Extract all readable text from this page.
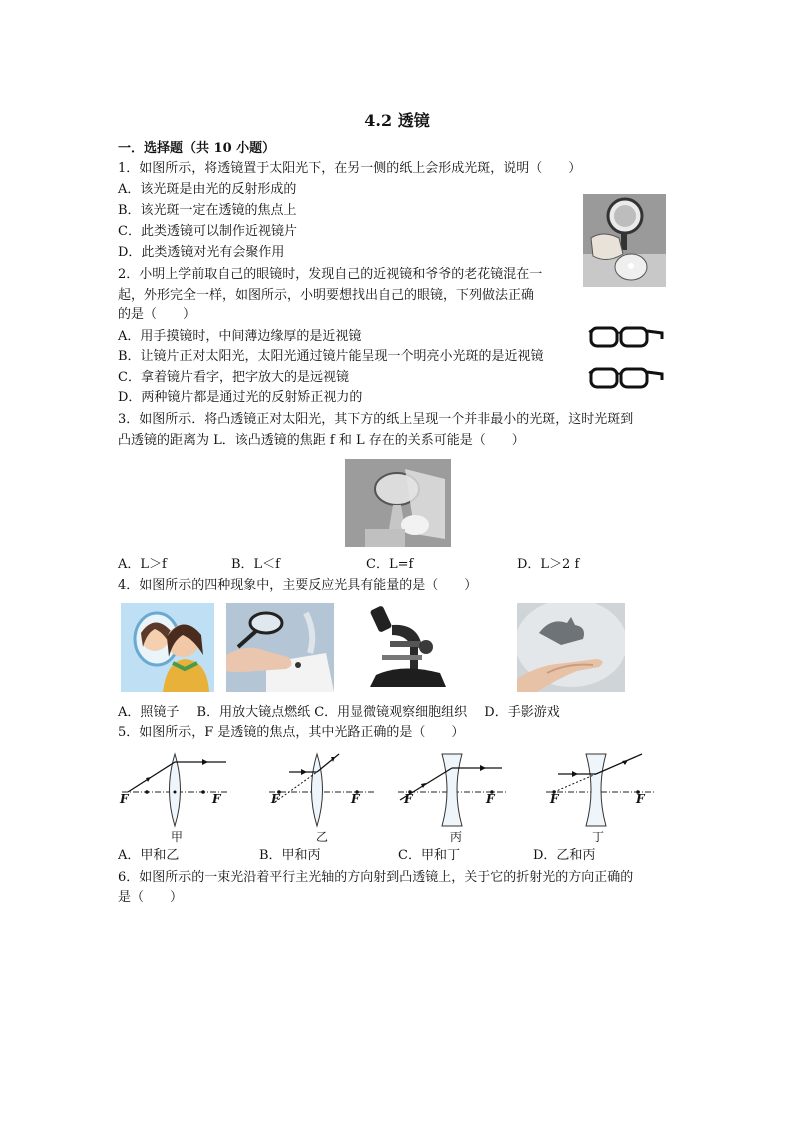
4.2 透镜
一．选择题（共 10 小题）
1．如图所示，将透镜置于太阳光下，在另一侧的纸上会形成光斑，说明（　　）
A．该光斑是由光的反射形成的
B．该光斑一定在透镜的焦点上
C．此类透镜可以制作近视镜片
D．此类透镜对光有会聚作用
2．小明上学前取自己的眼镜时，发现自己的近视镜和爷爷的老花镜混在一
起，外形完全一样，如图所示，小明要想找出自己的眼镜，下列做法正确
的是（　　）
A．用手摸镜时，中间薄边缘厚的是近视镜
B．让镜片正对太阳光，太阳光通过镜片能呈现一个明亮小光斑的是近视镜
C．拿着镜片看字，把字放大的是远视镜
D．两种镜片都是通过光的反射矫正视力的
3．如图所示．将凸透镜正对太阳光，其下方的纸上呈现一个并非最小的光斑，这时光斑到
凸透镜的距离为 L．该凸透镜的焦距 f 和 L 存在的关系可能是（　　）
A．L＞f	B．L＜f	C．L=f	D．L＞2 f
4．如图所示的四种现象中，主要反应光具有能量的是（　　）
A．照镜子　 B．用放大镜点燃纸 C．用显微镜观察细胞组织　 D．手影游戏
5．如图所示，F 是透镜的焦点，其中光路正确的是（　　）
F	F
甲
F	F
乙
F	F
丙
F	F
丁
A．甲和乙	B．甲和丙	C．甲和丁	D．乙和丙
6．如图所示的一束光沿着平行主光轴的方向射到凸透镜上，关于它的折射光的方向正确的
是（　　）
